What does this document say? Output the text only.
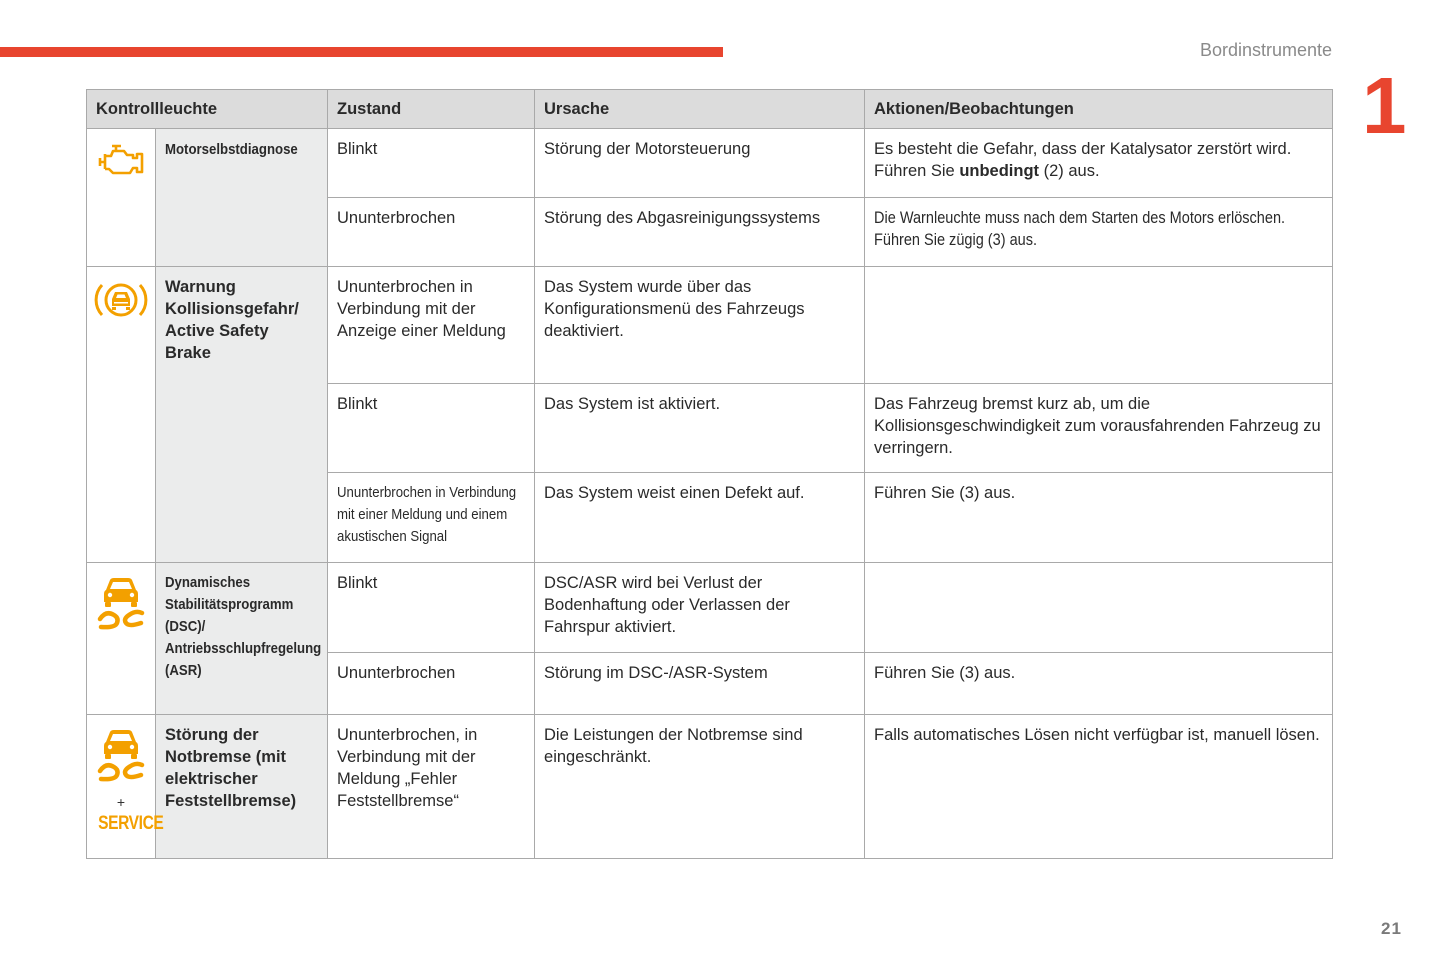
Bordinstrumente
1
Kontrollleuchte		Zustand	Ursache	Aktionen/Beobachtungen
	Motorselbstdiagnose	Blinkt	Störung der Motorsteuerung	Es besteht die Gefahr, dass der Katalysator zerstört wird. Führen Sie unbedingt (2) aus.
		Ununterbrochen	Störung des Abgasreinigungssystems	Die Warnleuchte muss nach dem Starten des Motors erlöschen. Führen Sie zügig (3) aus.
	Warnung Kollisionsgefahr/ Active Safety Brake	Ununterbrochen in Verbindung mit der Anzeige einer Meldung	Das System wurde über das Konfigurationsmenü des Fahrzeugs deaktiviert.	
		Blinkt	Das System ist aktiviert.	Das Fahrzeug bremst kurz ab, um die Kollisionsgeschwindigkeit zum vorausfahrenden Fahrzeug zu verringern.
		Ununterbrochen in Verbindung mit einer Meldung und einem akustischen Signal	Das System weist einen Defekt auf.	Führen Sie (3) aus.
	Dynamisches Stabilitätsprogramm (DSC)/ Antriebsschlupfregelung (ASR)	Blinkt	DSC/ASR wird bei Verlust der Bodenhaftung oder Verlassen der Fahrspur aktiviert.	
		Ununterbrochen	Störung im DSC-/ASR-System	Führen Sie (3) aus.

+
SERVICE	Störung der Notbremse (mit elektrischer Feststellbremse)	Ununterbrochen, in Verbindung mit der Meldung „Fehler Feststellbremse“	Die Leistungen der Notbremse sind eingeschränkt.	Falls automatisches Lösen nicht verfügbar ist, manuell lösen.
21
